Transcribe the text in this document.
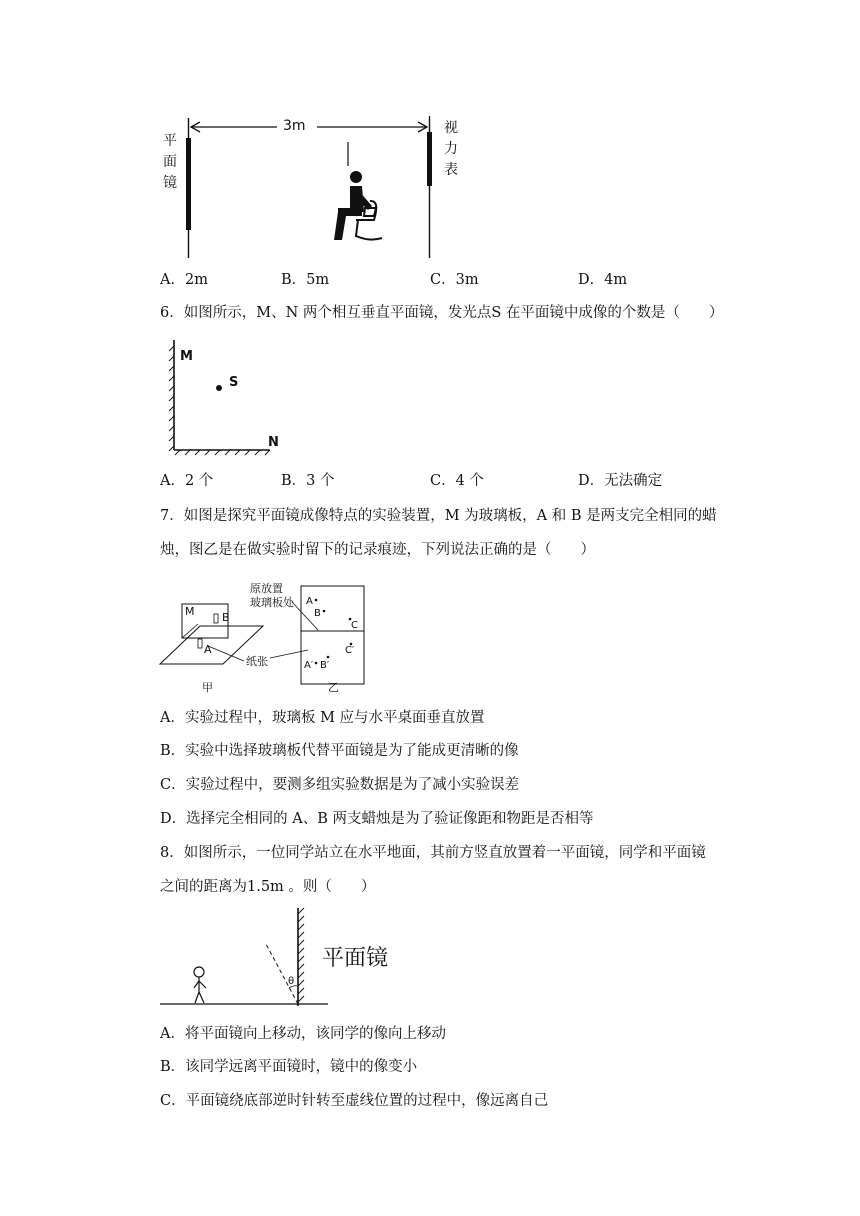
3m
平
面
镜
视
力
表
A．2m	B．5m	C．3m	D．4m
6．如图所示，M、N 两个相互垂直平面镜，发光点S 在平面镜中成像的个数是（　　）
M
S
N
A．2 个	B．3 个	C．4 个	D．无法确定
7．如图是探究平面镜成像特点的实验装置，M 为玻璃板，A 和 B 是两支完全相同的蜡
烛，图乙是在做实验时留下的记录痕迹，下列说法正确的是（　　）
M	B
A
纸张
原放置
玻璃板处 A
B
C
C′
A′ B′
甲	乙
A．实验过程中，玻璃板 M 应与水平桌面垂直放置
B．实验中选择玻璃板代替平面镜是为了能成更清晰的像
C．实验过程中，要测多组实验数据是为了减小实验误差
D．选择完全相同的 A、B 两支蜡烛是为了验证像距和物距是否相等
8．如图所示，一位同学站立在水平地面，其前方竖直放置着一平面镜，同学和平面镜
之间的距离为1.5m 。则（　　）
θ
平面镜
A．将平面镜向上移动，该同学的像向上移动
B．该同学远离平面镜时，镜中的像变小
C．平面镜绕底部逆时针转至虚线位置的过程中，像远离自己
